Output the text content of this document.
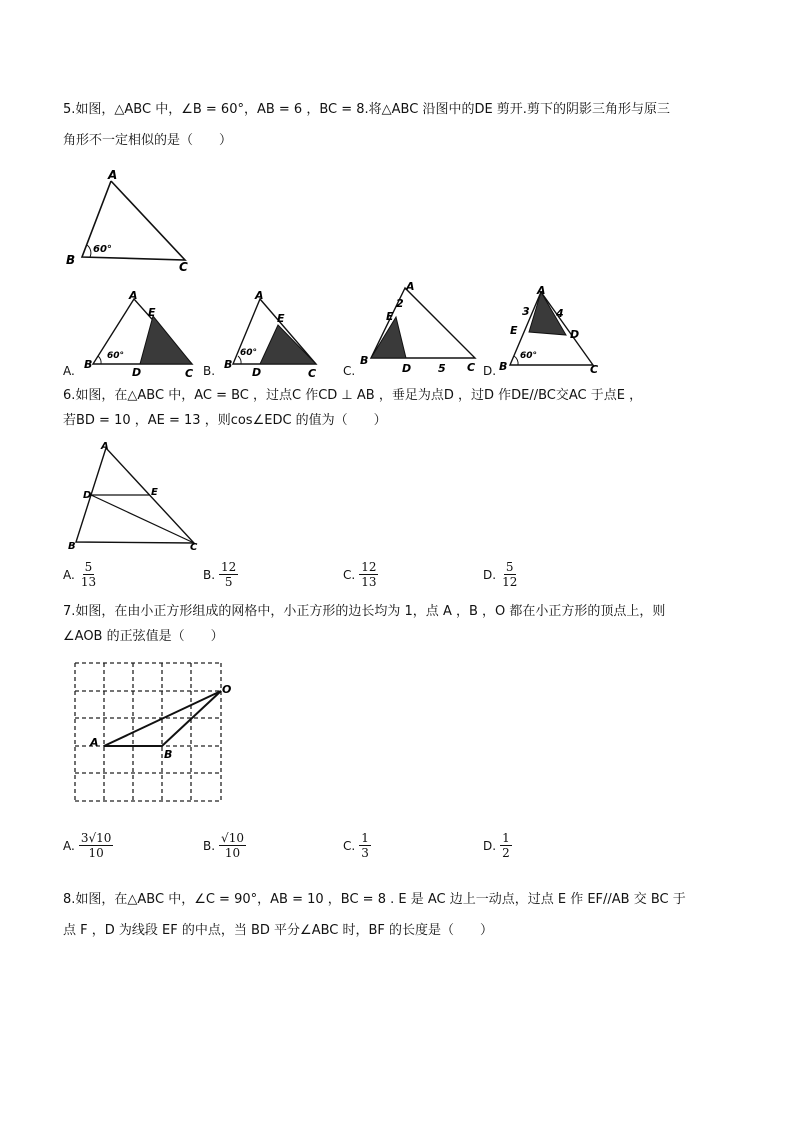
5.如图，△ABC 中，∠B = 60°，AB = 6 ，BC = 8.将△ABC 沿图中的DE 剪开.剪下的阴影三角形与原三
角形不一定相似的是（　　）
A
B	C
60°
A.
A
B
C
D
E
60°
B.
A
B
C
D
E
60°
C.
A
B
C
D
E
2
5	D.
A
B	C
D
E
3 4
60°
6.如图，在△ABC 中，AC = BC ，过点C 作CD ⊥ AB ，垂足为点D ，过D 作DE//BC交AC 于点E ，
若BD = 10 ，AE = 13 ，则cos∠EDC 的值为（　　）
A
B	C
D	E
A. $\frac{5}{13}$	B. $\frac{12}{5}$	C. $\frac{12}{13}$	D. $\frac{5}{12}$
7.如图，在由小正方形组成的网格中，小正方形的边长均为 1，点 A ，B ，O 都在小正方形的顶点上，则
∠AOB 的正弦值是（　　）
A
B
O
A. $\frac{3√10}{10}$	B. $\frac{√10}{10}$	C. $\frac{1}{3}$	D. $\frac{1}{2}$
8.如图，在△ABC 中，∠C = 90°，AB = 10 ，BC = 8 . E 是 AC 边上一动点，过点 E 作 EF//AB 交 BC 于
点 F ，D 为线段 EF 的中点，当 BD 平分∠ABC 时，BF 的长度是（　　）
